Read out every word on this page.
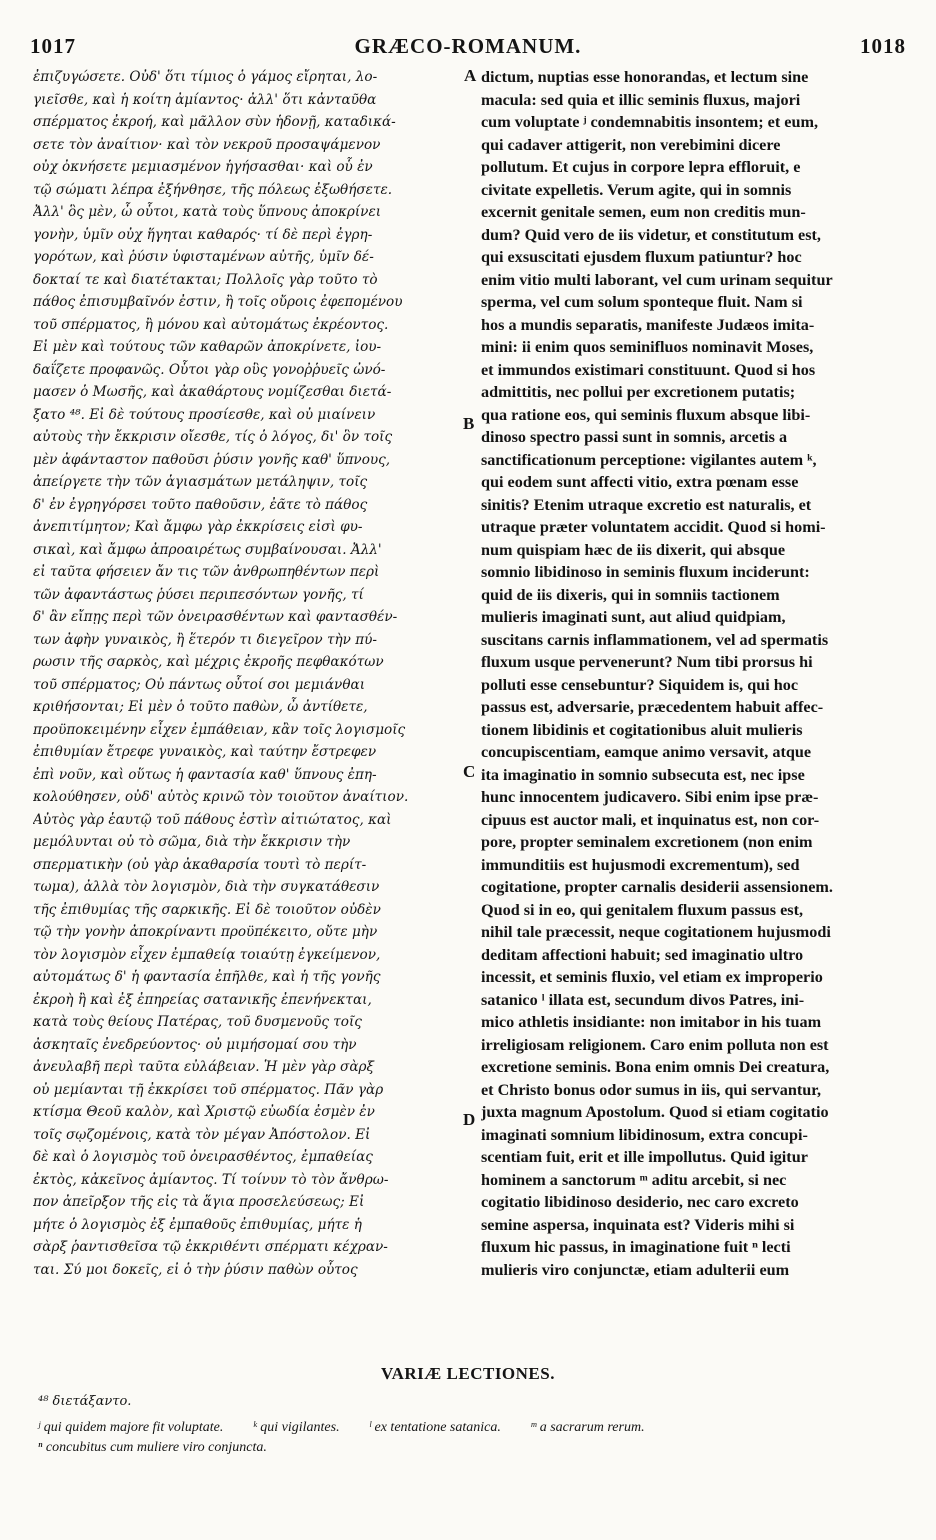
1017	GRÆCO-ROMANUM.	1018
ἐπιζυγώσετε. Οὐδ' ὅτι τίμιος ὁ γάμος εἴρηται, λο-
γιεῖσθε, καὶ ἡ κοίτη ἀμίαντος· ἀλλ' ὅτι κἀνταῦθα
σπέρματος ἐκροή, καὶ μᾶλλον σὺν ἡδονῇ, καταδικά-
σετε τὸν ἀναίτιον· καὶ τὸν νεκροῦ προσαψάμενον
οὐχ ὀκνήσετε μεμιασμένον ἡγήσασθαι· καὶ οὗ ἐν
τῷ σώματι λέπρα ἐξήνθησε, τῆς πόλεως ἐξωθήσετε.
Ἀλλ' ὃς μὲν, ὦ οὗτοι, κατὰ τοὺς ὕπνους ἀποκρίνει
γονὴν, ὑμῖν οὐχ ἥγηται καθαρός· τί δὲ περὶ ἐγρη-
γορότων, καὶ ῥύσιν ὑφισταμένων αὐτῆς, ὑμῖν δέ-
δοκταί τε καὶ διατέτακται; Πολλοῖς γὰρ τοῦτο τὸ
πάθος ἐπισυμβαῖνόν ἐστιν, ἢ τοῖς οὔροις ἐφεπομένου
τοῦ σπέρματος, ἢ μόνου καὶ αὐτομάτως ἐκρέοντος.
Εἰ μὲν καὶ τούτους τῶν καθαρῶν ἀποκρίνετε, ἰου-
δαΐζετε προφανῶς. Οὗτοι γὰρ οὓς γονοῤῥυεῖς ὠνό-
μασεν ὁ Μωσῆς, καὶ ἀκαθάρτους νομίζεσθαι διετά-
ξατο ⁴⁸. Εἰ δὲ τούτους προσίεσθε, καὶ οὐ μιαίνειν
αὐτοὺς τὴν ἔκκρισιν οἴεσθε, τίς ὁ λόγος, δι' ὃν τοῖς
μὲν ἀφάνταστον παθοῦσι ῥύσιν γονῆς καθ' ὕπνους,
ἀπείργετε τὴν τῶν ἁγιασμάτων μετάληψιν, τοῖς
δ' ἐν ἐγρηγόρσει τοῦτο παθοῦσιν, ἐᾶτε τὸ πάθος
ἀνεπιτίμητον; Καὶ ἄμφω γὰρ ἐκκρίσεις εἰσὶ φυ-
σικαὶ, καὶ ἄμφω ἀπροαιρέτως συμβαίνουσαι. Ἀλλ'
εἰ ταῦτα φήσειεν ἄν τις τῶν ἀνθρωπηθέντων περὶ
τῶν ἀφαντάστως ῥύσει περιπεσόντων γονῆς, τί
δ' ἂν εἴπῃς περὶ τῶν ὀνειρασθέντων καὶ φαντασθέν-
των ἀφὴν γυναικὸς, ἢ ἕτερόν τι διεγεῖρον τὴν πύ-
ρωσιν τῆς σαρκὸς, καὶ μέχρις ἐκροῆς πεφθακότων
τοῦ σπέρματος; Οὐ πάντως οὗτοί σοι μεμιάνθαι
κριθήσονται; Εἰ μὲν ὁ τοῦτο παθὼν, ὦ ἀντίθετε,
προϋποκειμένην εἶχεν ἐμπάθειαν, κἂν τοῖς λογισμοῖς
ἐπιθυμίαν ἔτρεφε γυναικὸς, καὶ ταύτην ἔστρεφεν
ἐπὶ νοῦν, καὶ οὕτως ἡ φαντασία καθ' ὕπνους ἐπη-
κολούθησεν, οὐδ' αὐτὸς κρινῶ τὸν τοιοῦτον ἀναίτιον.
Αὐτὸς γὰρ ἑαυτῷ τοῦ πάθους ἐστὶν αἰτιώτατος, καὶ
μεμόλυνται οὐ τὸ σῶμα, διὰ τὴν ἔκκρισιν τὴν
σπερματικὴν (οὐ γὰρ ἀκαθαρσία τουτὶ τὸ περίτ-
τωμα), ἀλλὰ τὸν λογισμὸν, διὰ τὴν συγκατάθεσιν
τῆς ἐπιθυμίας τῆς σαρκικῆς. Εἰ δὲ τοιοῦτον οὐδὲν
τῷ τὴν γονὴν ἀποκρίναντι προϋπέκειτο, οὔτε μὴν
τὸν λογισμὸν εἶχεν ἐμπαθείᾳ τοιαύτῃ ἐγκείμενον,
αὐτομάτως δ' ἡ φαντασία ἐπῆλθε, καὶ ἡ τῆς γονῆς
ἐκροὴ ἢ καὶ ἐξ ἐπηρείας σατανικῆς ἐπενήνεκται,
κατὰ τοὺς θείους Πατέρας, τοῦ δυσμενοῦς τοῖς
ἀσκηταῖς ἐνεδρεύοντος· οὐ μιμήσομαί σου τὴν
ἀνευλαβῆ περὶ ταῦτα εὐλάβειαν. Ἡ μὲν γὰρ σὰρξ
οὐ μεμίανται τῇ ἐκκρίσει τοῦ σπέρματος. Πᾶν γὰρ
κτίσμα Θεοῦ καλὸν, καὶ Χριστῷ εὐωδία ἐσμὲν ἐν
τοῖς σῳζομένοις, κατὰ τὸν μέγαν Ἀπόστολον. Εἰ
δὲ καὶ ὁ λογισμὸς τοῦ ὀνειρασθέντος, ἐμπαθείας
ἐκτὸς, κἀκεῖνος ἀμίαντος. Τί τοίνυν τὸ τὸν ἄνθρω-
πον ἀπεῖρξον τῆς εἰς τὰ ἅγια προσελεύσεως; Εἰ
μήτε ὁ λογισμὸς ἐξ ἐμπαθοῦς ἐπιθυμίας, μήτε ἡ
σὰρξ ῥαντισθεῖσα τῷ ἐκκριθέντι σπέρματι κέχραν-
ται. Σύ μοι δοκεῖς, εἰ ὁ τὴν ῥύσιν παθὼν οὗτος
dictum, nuptias esse honorandas, et lectum sine
macula: sed quia et illic seminis fluxus, majori
cum voluptate ʲ condemnabitis insontem; et eum,
qui cadaver attigerit, non verebimini dicere
pollutum. Et cujus in corpore lepra effloruit, e
civitate expelletis. Verum agite, qui in somnis
excernit genitale semen, eum non creditis mun-
dum? Quid vero de iis videtur, et constitutum est,
qui exsuscitati ejusdem fluxum patiuntur? hoc
enim vitio multi laborant, vel cum urinam sequitur
sperma, vel cum solum sponteque fluit. Nam si
hos a mundis separatis, manifeste Judæos imita-
mini: ii enim quos seminifluos nominavit Moses,
et immundos existimari constituunt. Quod si hos
admittitis, nec pollui per excretionem putatis;
qua ratione eos, qui seminis fluxum absque libi-
dinoso spectro passi sunt in somnis, arcetis a
sanctificationum perceptione: vigilantes autem ᵏ,
qui eodem sunt affecti vitio, extra pœnam esse
sinitis? Etenim utraque excretio est naturalis, et
utraque præter voluntatem accidit. Quod si homi-
num quispiam hæc de iis dixerit, qui absque
somnio libidinoso in seminis fluxum inciderunt:
quid de iis dixeris, qui in somniis tactionem
mulieris imaginati sunt, aut aliud quidpiam,
suscitans carnis inflammationem, vel ad spermatis
fluxum usque pervenerunt? Num tibi prorsus hi
polluti esse censebuntur? Siquidem is, qui hoc
passus est, adversarie, præcedentem habuit affec-
tionem libidinis et cogitationibus aluit mulieris
concupiscentiam, eamque animo versavit, atque
ita imaginatio in somnio subsecuta est, nec ipse
hunc innocentem judicavero. Sibi enim ipse præ-
cipuus est auctor mali, et inquinatus est, non cor-
pore, propter seminalem excretionem (non enim
immunditiis est hujusmodi excrementum), sed
cogitatione, propter carnalis desiderii assensionem.
Quod si in eo, qui genitalem fluxum passus est,
nihil tale præcessit, neque cogitationem hujusmodi
deditam affectioni habuit; sed imaginatio ultro
incessit, et seminis fluxio, vel etiam ex improperio
satanico ˡ illata est, secundum divos Patres, ini-
mico athletis insidiante: non imitabor in his tuam
irreligiosam religionem. Caro enim polluta non est
excretione seminis. Bona enim omnis Dei creatura,
et Christo bonus odor sumus in iis, qui servantur,
juxta magnum Apostolum. Quod si etiam cogitatio
imaginati somnium libidinosum, extra concupi-
scentiam fuit, erit et ille impollutus. Quid igitur
hominem a sanctorum ᵐ aditu arcebit, si nec
cogitatio libidinoso desiderio, nec caro excreto
semine aspersa, inquinata est? Videris mihi si
fluxum hic passus, in imaginatione fuit ⁿ lecti
mulieris viro conjunctæ, etiam adulterii eum
A
B
C
D
VARIÆ LECTIONES.
⁴⁸ διετάξαντο.
ʲ qui quidem majore fit voluptate. ᵏ qui vigilantes. ˡ ex tentatione satanica. ᵐ a sacrarum rerum.
ⁿ concubitus cum muliere viro conjuncta.
